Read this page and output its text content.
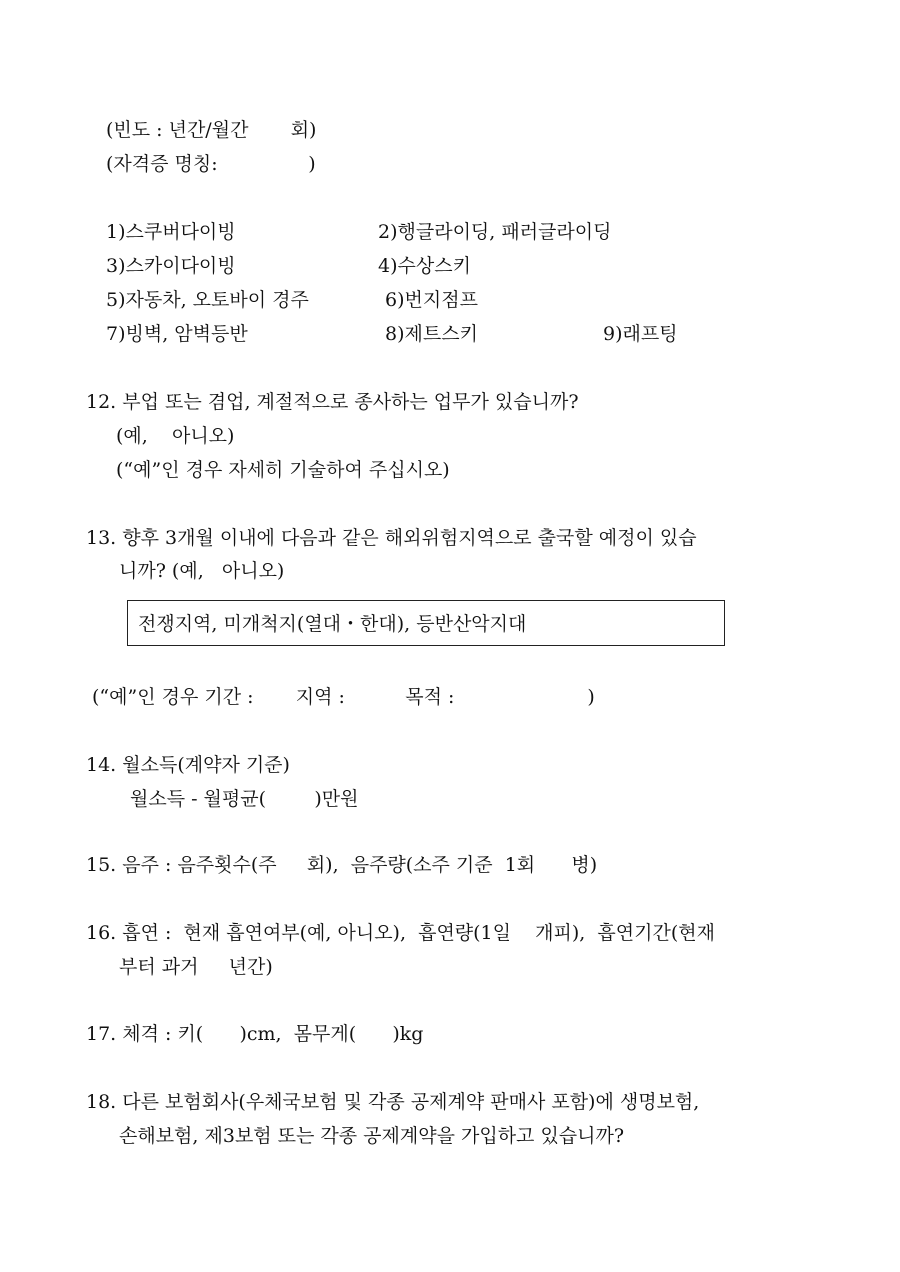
(빈도 : 년간/월간       회)
(자격증 명칭:               )
1)스쿠버다이빙	2)행글라이딩, 패러글라이딩
3)스카이다이빙	4)수상스키
5)자동차, 오토바이 경주	6)번지점프
7)빙벽, 암벽등반	8)제트스키	9)래프팅
12. 부업 또는 겸업, 계절적으로 종사하는 업무가 있습니까?
(예,    아니오)
(“예”인 경우 자세히 기술하여 주십시오)
13. 향후 3개월 이내에 다음과 같은 해외위험지역으로 출국할 예정이 있습
니까? (예,   아니오)
전쟁지역, 미개척지(열대・한대), 등반산악지대
(“예”인 경우 기간 :       지역 :          목적 :                      )
14. 월소득(계약자 기준)
월소득 - 월평균(        )만원
15. 음주 : 음주횟수(주     회),  음주량(소주 기준  1회      병)
16. 흡연 :  현재 흡연여부(예, 아니오),  흡연량(1일    개피),  흡연기간(현재
부터 과거     년간)
17. 체격 : 키(      )cm,  몸무게(      )kg
18. 다른 보험회사(우체국보험 및 각종 공제계약 판매사 포함)에 생명보험,
손해보험, 제3보험 또는 각종 공제계약을 가입하고 있습니까?
